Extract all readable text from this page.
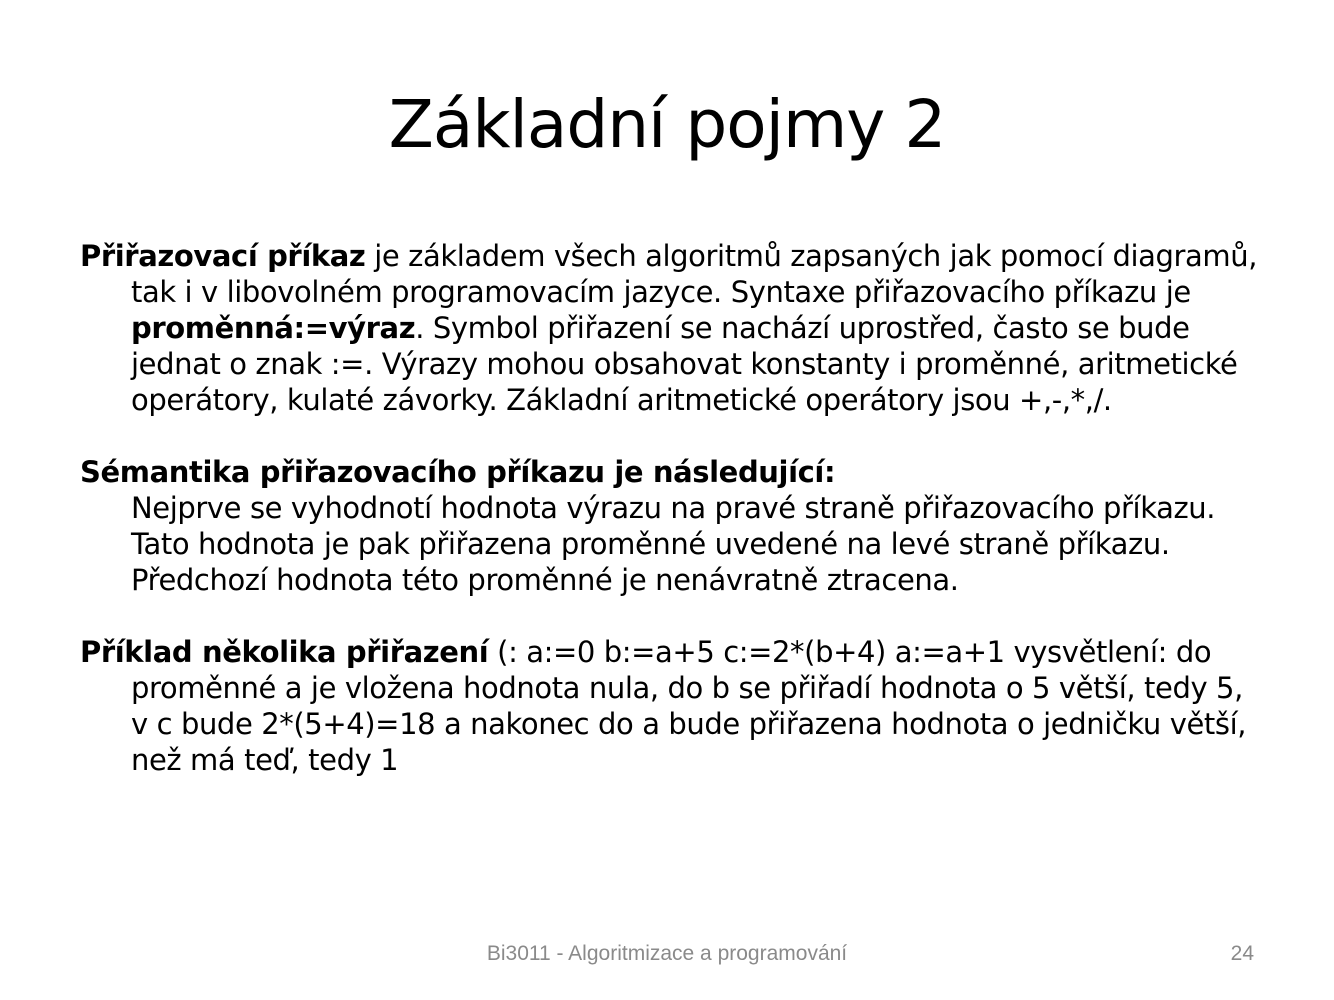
Základní pojmy 2

Přiřazovací příkaz je základem všech algoritmů zapsaných jak pomocí diagramů, tak i v libovolném programovacím jazyce. Syntaxe přiřazovacího příkazu je proměnná:=výraz. Symbol přiřazení se nachází uprostřed, často se bude jednat o znak :=. Výrazy mohou obsahovat konstanty i proměnné, aritmetické operátory, kulaté závorky. Základní aritmetické operátory jsou +,-,*,/.

Sémantika přiřazovacího příkazu je následující:
Nejprve se vyhodnotí hodnota výrazu na pravé straně přiřazovacího příkazu. Tato hodnota je pak přiřazena proměnné uvedené na levé straně příkazu. Předchozí hodnota této proměnné je nenávratně ztracena.

Příklad několika přiřazení (: a:=0 b:=a+5 c:=2*(b+4) a:=a+1 vysvětlení: do proměnné a je vložena hodnota nula, do b se přiřadí hodnota o 5 větší, tedy 5, v c bude 2*(5+4)=18 a nakonec do a bude přiřazena hodnota o jedničku větší, než má teď, tedy 1

Bi3011 - Algoritmizace a programování	24
